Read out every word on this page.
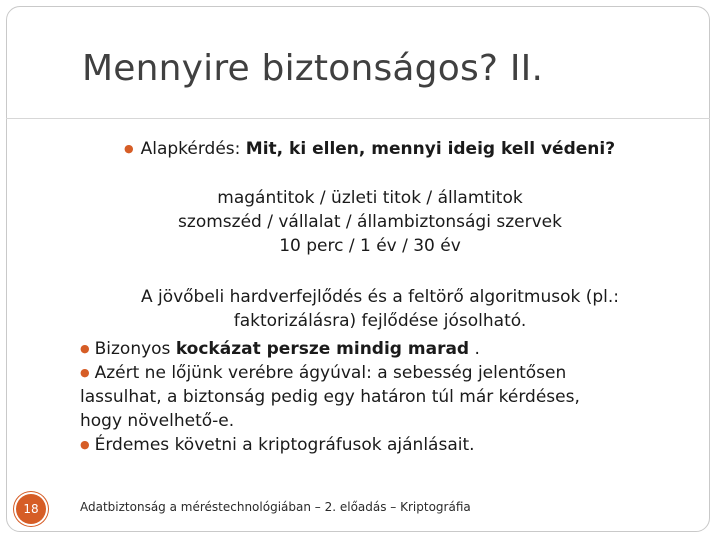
Mennyire biztonságos? II.
● Alapkérdés: Mit, ki ellen, mennyi ideig kell védeni?
magántitok / üzleti titok / államtitok
szomszéd / vállalat / állambiztonsági szervek
10 perc / 1 év / 30 év
A jövőbeli hardverfejlődés és a feltörő algoritmusok (pl.:
faktorizálásra) fejlődése jósolható.
● Bizonyos kockázat persze mindig marad .
● Azért ne lőjünk verébre ágyúval: a sebesség jelentősen
lassulhat, a biztonság pedig egy határon túl már kérdéses,
hogy növelhető-e.
● Érdemes követni a kriptográfusok ajánlásait.
18	Adatbiztonság a méréstechnológiában – 2. előadás – Kriptográfia
